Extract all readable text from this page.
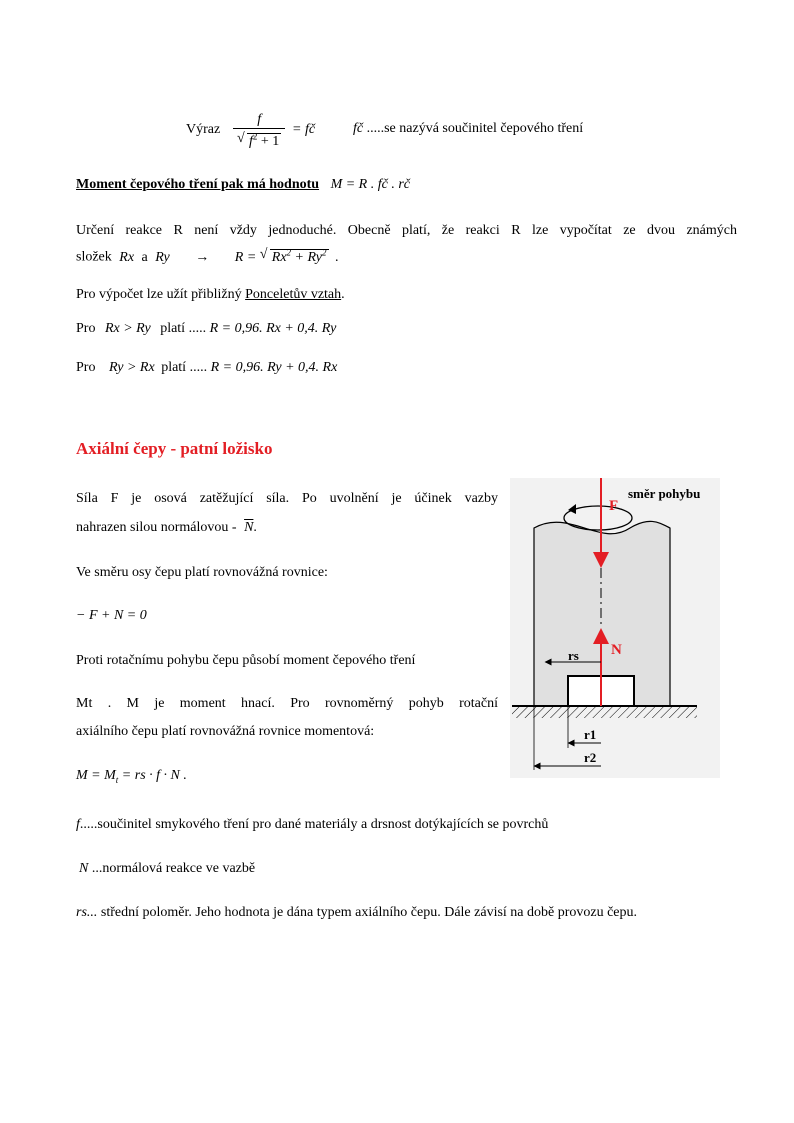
Výraz $\frac{f}{√ f^2 + 1}$ = fč	fč .....se nazývá součinitel čepového tření
Moment čepového tření pak má hodnotu M = R . fč . rč
Určení reakce R není vždy jednoduché. Obecně platí, že reakci R lze vypočítat ze dvou známých
složek Rx a Ry → R = √ $Rx^2 + Ry^2$ .
Pro výpočet lze užít přibližný Ponceletův vztah.
Pro Rx > Ry platí ..... R = 0,96. Rx + 0,4. Ry
Pro Ry > Rx platí ..... R = 0,96. Ry + 0,4. Rx
Axiální čepy - patní ložisko
Síla F je osová zatěžující síla. Po uvolnění je účinek vazby
nahrazen silou normálovou - $\overline{N}$.
Ve směru osy čepu platí rovnovážná rovnice:
− F + N = 0
Proti rotačnímu pohybu čepu působí moment čepového tření
Mt . M je moment hnací. Pro rovnoměrný pohyb rotační
axiálního čepu platí rovnovážná rovnice momentová:
$M = M_t$ = rs · f · N .
f.....součinitel smykového tření pro dané materiály a drsnost dotýkajících se povrchů
N ...normálová reakce ve vazbě
rs... střední poloměr. Jeho hodnota je dána typem axiálního čepu. Dále závisí na době provozu čepu.
F
směr pohybu
N
rs
r1
r2
